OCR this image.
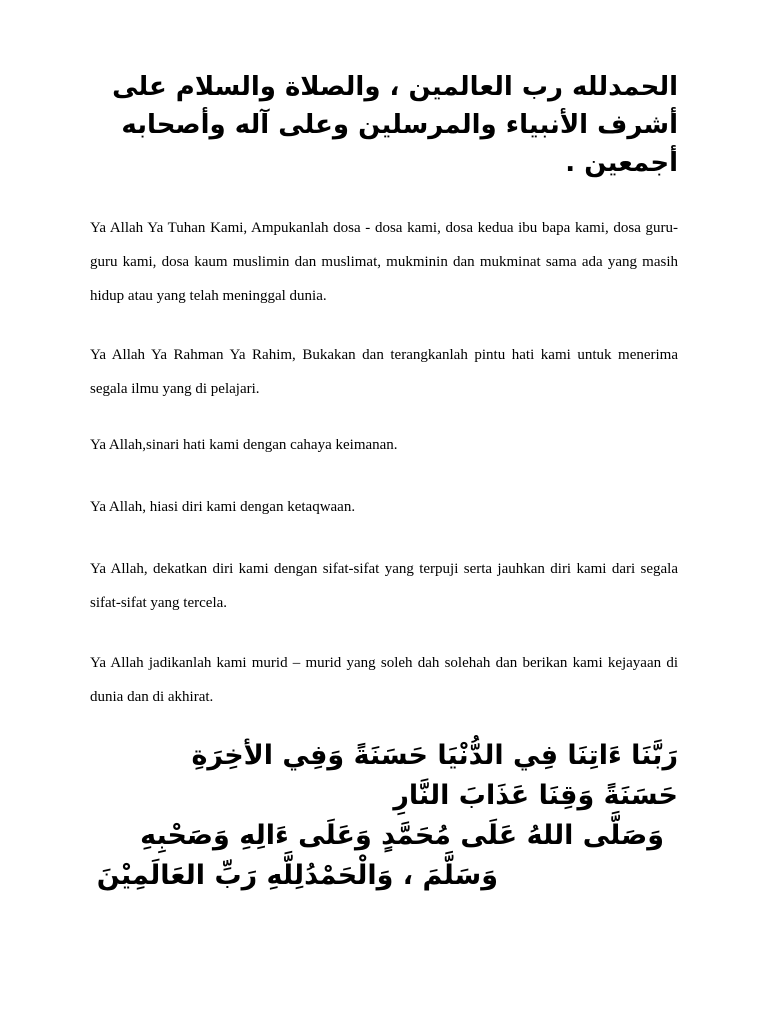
الحمدلله رب العالمين ، والصلاة والسلام على أشرف الأنبياء والمرسلين وعلى آله وأصحابه أجمعين .

Ya Allah Ya Tuhan Kami, Ampukanlah dosa - dosa kami, dosa kedua ibu bapa kami, dosa guru-guru kami, dosa kaum muslimin dan muslimat, mukminin dan mukminat sama ada yang masih hidup atau yang telah meninggal dunia.

Ya Allah Ya Rahman Ya Rahim, Bukakan dan terangkanlah pintu hati kami untuk menerima segala ilmu yang di pelajari.

Ya Allah,sinari hati kami dengan cahaya keimanan.

Ya Allah, hiasi diri kami dengan ketaqwaan.

Ya Allah, dekatkan diri kami dengan sifat-sifat yang terpuji serta jauhkan diri kami dari segala sifat-sifat yang tercela.

Ya Allah jadikanlah kami murid – murid yang soleh dah solehah dan berikan kami kejayaan di dunia dan di akhirat.

رَبَّنَا ءَاتِنَا فِي الدُّنْيَا حَسَنَةً وَفِي الأخِرَةِ
حَسَنَةً وَقِنَا عَذَابَ النَّارِ
وَصَلَّى اللهُ عَلَى مُحَمَّدٍ وَعَلَى ءَالِهِ وَصَحْبِهِ
وَسَلَّمَ ، وَالْحَمْدُلِلَّهِ رَبِّ العَالَمِيْنَ
